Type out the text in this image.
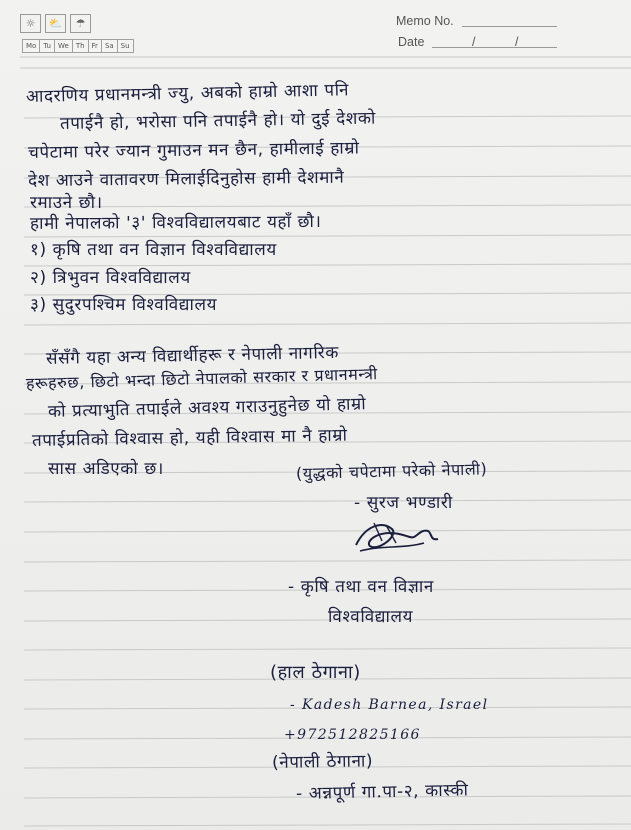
☼	⛅	☂
Mo	Tu	We	Th	Fr	Sa	Su
Memo No.
Date	/	/
आदरणिय प्रधानमन्त्री ज्यु, अबको हाम्रो आशा पनि
तपाईनै हो, भरोसा पनि तपाईनै हो। यो दुई देशको
चपेटामा परेर ज्यान गुमाउन मन छैन, हामीलाई हाम्रो
देश आउने वातावरण मिलाईदिनुहोस हामी देशमानै
रमाउने छौ।
हामी नेपालको '३' विश्वविद्यालयबाट यहाँ छौ।
१) कृषि तथा वन विज्ञान विश्वविद्यालय
२) त्रिभुवन विश्वविद्यालय
३) सुदुरपश्चिम विश्वविद्यालय
सँसँगै यहा अन्य विद्यार्थीहरू र नेपाली नागरिक
हरूहरुछ, छिटो भन्दा छिटो नेपालको सरकार र प्रधानमन्त्री
को प्रत्याभुति तपाईले अवश्य गराउनुहुनेछ यो हाम्रो
तपाईप्रतिको विश्वास हो, यही विश्वास मा नै हाम्रो
सास अडिएको छ।	(युद्धको चपेटामा परेको नेपाली)
- सुरज भण्डारी
- कृषि तथा वन विज्ञान
विश्वविद्यालय
(हाल ठेगाना)
- Kadesh Barnea, Israel
+972512825166
(नेपाली ठेगाना)
- अन्नपूर्ण गा.पा-२, कास्की
